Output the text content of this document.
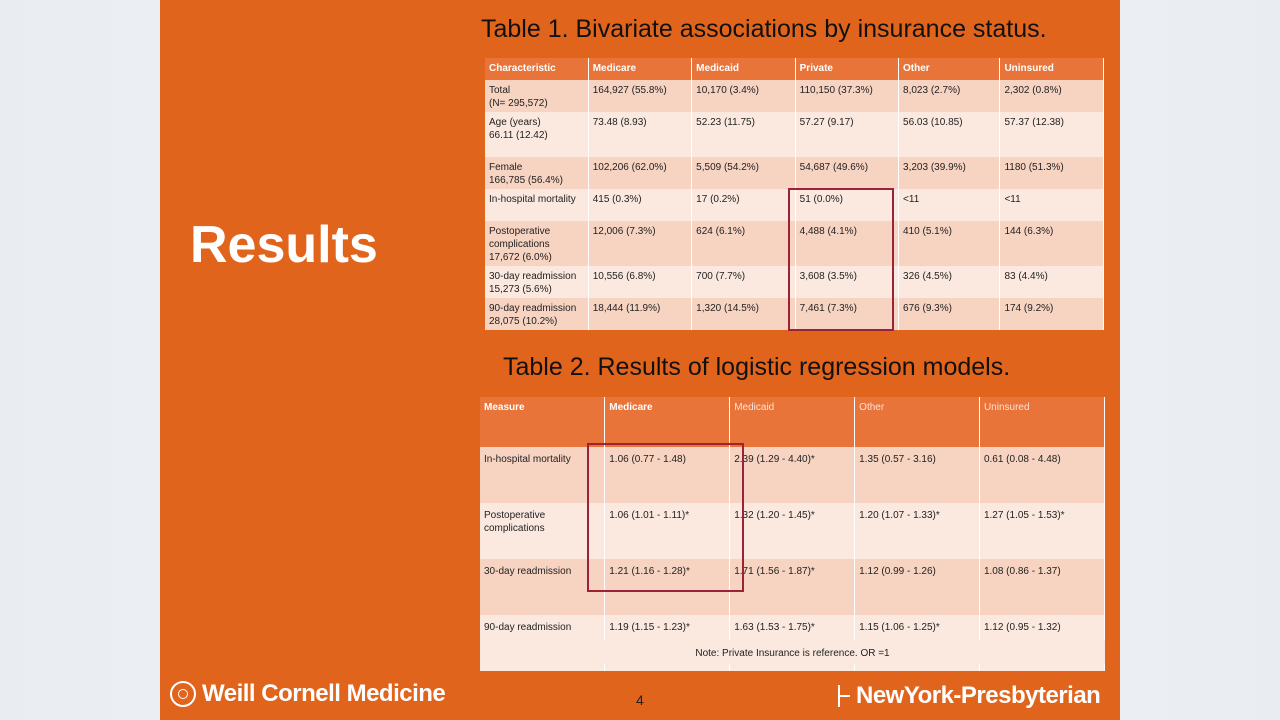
Results
Table 1. Bivariate associations by insurance status.
Characteristic	Medicare	Medicaid	Private	Other	Uninsured
Total
(N= 295,572)	164,927 (55.8%)	10,170 (3.4%)	110,150 (37.3%)	8,023 (2.7%)	2,302 (0.8%)
Age (years)
66.11 (12.42)	73.48 (8.93)	52.23 (11.75)	57.27 (9.17)	56.03 (10.85)	57.37 (12.38)
Female
166,785 (56.4%)	102,206 (62.0%)	5,509 (54.2%)	54,687 (49.6%)	3,203 (39.9%)	1180 (51.3%)
In-hospital mortality	415 (0.3%)	17 (0.2%)	51 (0.0%)	<11	<11
Postoperative complications
17,672 (6.0%)	12,006 (7.3%)	624 (6.1%)	4,488 (4.1%)	410 (5.1%)	144 (6.3%)
30-day readmission
15,273 (5.6%)	10,556 (6.8%)	700 (7.7%)	3,608 (3.5%)	326 (4.5%)	83 (4.4%)
90-day readmission
28,075 (10.2%)	18,444 (11.9%)	1,320 (14.5%)	7,461 (7.3%)	676 (9.3%)	174 (9.2%)
Table 2. Results of logistic regression models.
Measure	Medicare	Medicaid	Other	Uninsured
In-hospital mortality	1.06 (0.77 - 1.48)	2.39 (1.29 - 4.40)*	1.35 (0.57 - 3.16)	0.61 (0.08 - 4.48)
Postoperative complications	1.06 (1.01 - 1.11)*	1.32 (1.20 - 1.45)*	1.20 (1.07 - 1.33)*	1.27 (1.05 - 1.53)*
30-day readmission	1.21 (1.16 - 1.28)*	1.71 (1.56 - 1.87)*	1.12 (0.99 - 1.26)	1.08 (0.86 - 1.37)
90-day readmission	1.19 (1.15 - 1.23)*	1.63 (1.53 - 1.75)*	1.15 (1.06 - 1.25)*	1.12 (0.95 - 1.32)
Note: Private Insurance is reference. OR =1
Weill Cornell Medicine	4	NewYork-Presbyterian
